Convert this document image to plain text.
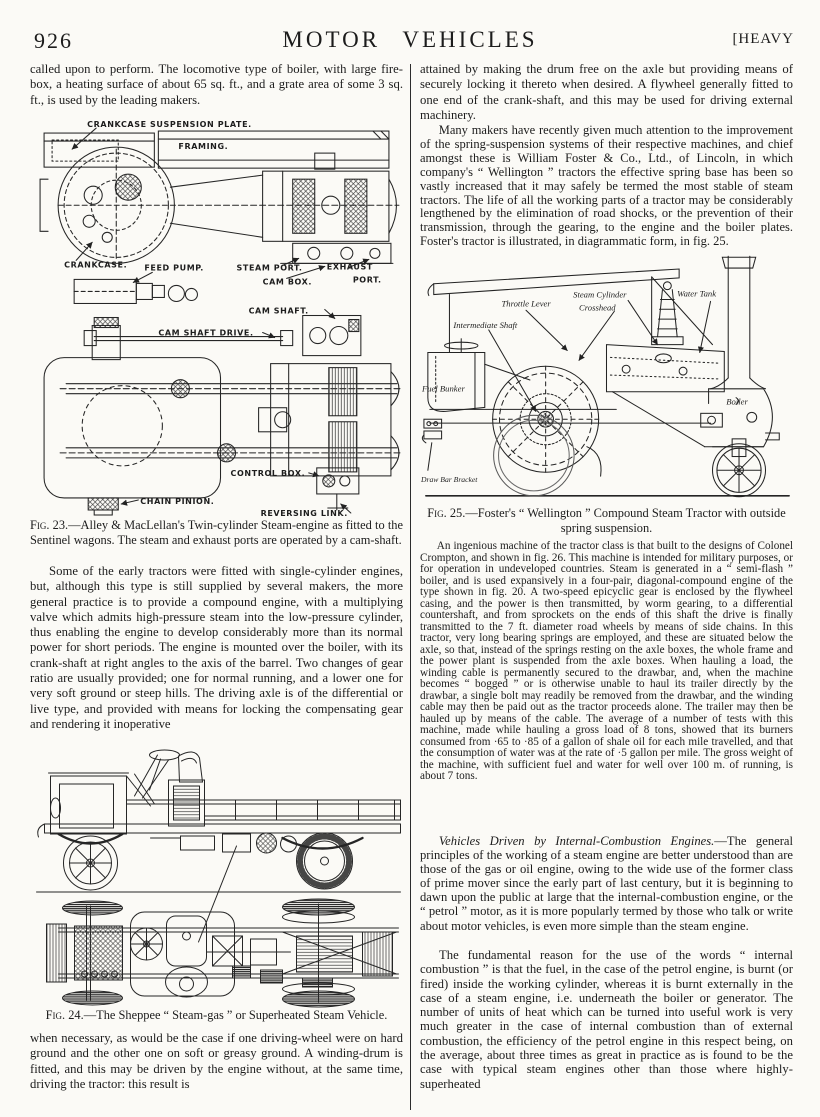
926	MOTOR VEHICLES	[HEAVY

called upon to perform. The locomotive type of boiler, with large fire-box, a heating surface of about 65 sq. ft., and a grate area of some 3 sq. ft., is used by the leading makers.

CRANKCASE SUSPENSION PLATE.
FRAMING.
CRANKCASE. FEED PUMP.	STEAM PORT.
CAM BOX.
EXHAUST
PORT.
CAM SHAFT.
CAM SHAFT DRIVE.
CONTROL BOX.
CHAIN PINION.
REVERSING LINK.
Fig. 23.—Alley & MacLellan's Twin-cylinder Steam-engine as fitted to the Sentinel wagons. The steam and exhaust ports are operated by a cam-shaft.

Some of the early tractors were fitted with single-cylinder engines, but, although this type is still supplied by several makers, the more general practice is to provide a compound engine, with a multiplying valve which admits high-pressure steam into the low-pressure cylinder, thus enabling the engine to develop considerably more than its normal power for short periods. The engine is mounted over the boiler, with its crank-shaft at right angles to the axis of the barrel. Two changes of gear ratio are usually provided; one for normal running, and a lower one for very soft ground or steep hills. The driving axle is of the differential or live type, and provided with means for locking the compensating gear and rendering it inoperative

Fig. 24.—The Sheppee “ Steam-gas ” or Superheated Steam Vehicle.

when necessary, as would be the case if one driving-wheel were on hard ground and the other one on soft or greasy ground. A winding-drum is fitted, and this may be driven by the engine without, at the same time, driving the tractor: this result is

attained by making the drum free on the axle but providing means of securely locking it thereto when desired. A flywheel generally fitted to one end of the crank-shaft, and this may be used for driving external machinery.

Many makers have recently given much attention to the improvement of the spring-suspension systems of their respective machines, and chief amongst these is William Foster & Co., Ltd., of Lincoln, in which company's “ Wellington ” tractors the effective spring base has been so vastly increased that it may safely be termed the most stable of steam tractors. The life of all the working parts of a tractor may be considerably lengthened by the elimination of road shocks, or the prevention of their transmission, through the gearing, to the engine and the boiler plates. Foster's tractor is illustrated, in diagrammatic form, in fig. 25.

Throttle Lever
Steam Cylinder
Crosshead
Water Tank
Intermediate Shaft
Fuel Bunker
Boiler
Draw Bar Bracket
Fig. 25.—Foster's “ Wellington ” Compound Steam Tractor with outside spring suspension.

An ingenious machine of the tractor class is that built to the designs of Colonel Crompton, and shown in fig. 26. This machine is intended for military purposes, or for operation in undeveloped countries. Steam is generated in a “ semi-flash ” boiler, and is used expansively in a four-pair, diagonal-compound engine of the type shown in fig. 20. A two-speed epicyclic gear is enclosed by the flywheel casing, and the power is then transmitted, by worm gearing, to a differential countershaft, and from sprockets on the ends of this shaft the drive is finally transmitted to the 7 ft. diameter road wheels by means of side chains. In this tractor, very long bearing springs are employed, and these are situated below the axle, so that, instead of the springs resting on the axle boxes, the whole frame and the power plant is suspended from the axle boxes. When hauling a load, the winding cable is permanently secured to the drawbar, and, when the machine becomes “ bogged ” or is otherwise unable to haul its trailer directly by the drawbar, a single bolt may readily be removed from the drawbar, and the winding cable may then be paid out as the tractor proceeds alone. The trailer may then be hauled up by means of the cable. The average of a number of tests with this machine, made while hauling a gross load of 8 tons, showed that its burners consumed from ·65 to ·85 of a gallon of shale oil for each mile travelled, and that the consumption of water was at the rate of ·5 gallon per mile. The gross weight of the machine, with sufficient fuel and water for well over 100 m. of running, is about 7 tons.

Vehicles Driven by Internal-Combustion Engines.—The general principles of the working of a steam engine are better understood than are those of the gas or oil engine, owing to the wide use of the former class of prime mover since the early part of last century, but it is beginning to dawn upon the public at large that the internal-combustion engine, or the “ petrol ” motor, as it is more popularly termed by those who talk or write about motor vehicles, is even more simple than the steam engine.

The fundamental reason for the use of the words “ internal combustion ” is that the fuel, in the case of the petrol engine, is burnt (or fired) inside the working cylinder, whereas it is burnt externally in the case of a steam engine, i.e. underneath the boiler or generator. The number of units of heat which can be turned into useful work is very much greater in the case of internal combustion than of external combustion, the efficiency of the petrol engine in this respect being, on the average, about three times as great in practice as is found to be the case with typical steam engines other than those where highly-superheated
